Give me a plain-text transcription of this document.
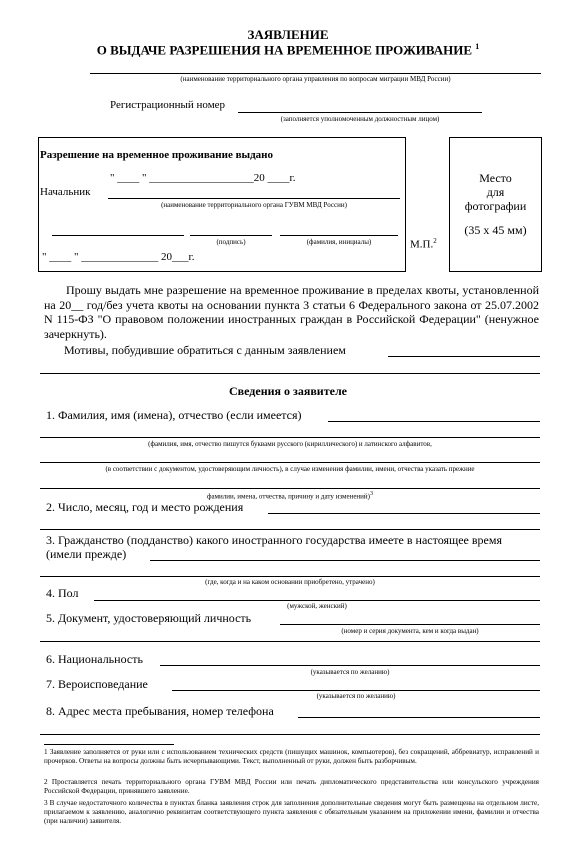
ЗАЯВЛЕНИЕ
О ВЫДАЧЕ РАЗРЕШЕНИЯ НА ВРЕМЕННОЕ ПРОЖИВАНИЕ $^1$
(наименование территориального органа управления по вопросам миграции МВД России)
Регистрационный номер
(заполняется уполномоченным должностным лицом)
Разрешение на временное проживание выдано
" ____ " ___________________20 ____г.
Начальник
(наименование территориального органа ГУВМ МВД России)
(подпись)	(фамилия, инициалы)
" ____ " ______________ 20___г.
М.П.$^2$
Место
для
фотографии
(35 х 45 мм)
Прошу выдать мне разрешение на временное проживание в пределах квоты, установленной на 20__ год/без учета квоты на основании пункта 3 статьи 6 Федерального закона от 25.07.2002 N 115-ФЗ "О правовом положении иностранных граждан в Российской Федерации" (ненужное зачеркнуть).
Мотивы, побудившие обратиться с данным заявлением
Сведения о заявителе
1. Фамилия, имя (имена), отчество (если имеется)
(фамилия, имя, отчество пишутся буквами русского (кириллического) и латинского алфавитов,
(в соответствии с документом, удостоверяющим личность), в случае изменения фамилии, имени, отчества указать прежние
фамилии, имена, отчества, причину и дату изменений)$^3$
2. Число, месяц, год и место рождения
3. Гражданство (подданство) какого иностранного государства имеете в настоящее время (имели прежде)
(где, когда и на каком основании приобретено, утрачено)
4. Пол
(мужской, женский)
5. Документ, удостоверяющий личность
(номер и серия документа, кем и когда выдан)
6. Национальность
(указывается по желанию)
7. Вероисповедание
(указывается по желанию)
8. Адрес места пребывания, номер телефона
1 Заявление заполняется от руки или с использованием технических средств (пишущих машинок, компьютеров), без сокращений, аббревиатур, исправлений и прочерков. Ответы на вопросы должны быть исчерпывающими. Текст, выполненный от руки, должен быть разборчивым.
2 Проставляется печать территориального органа ГУВМ МВД России или печать дипломатического представительства или консульского учреждения Российской Федерации, принявшего заявление.
3 В случае недостаточного количества в пунктах бланка заявления строк для заполнения дополнительные сведения могут быть размещены на отдельном листе, прилагаемом к заявлению, аналогично реквизитам соответствующего пункта заявления с обязательным указанием на приложении имени, фамилии и отчества (при наличии) заявителя.
